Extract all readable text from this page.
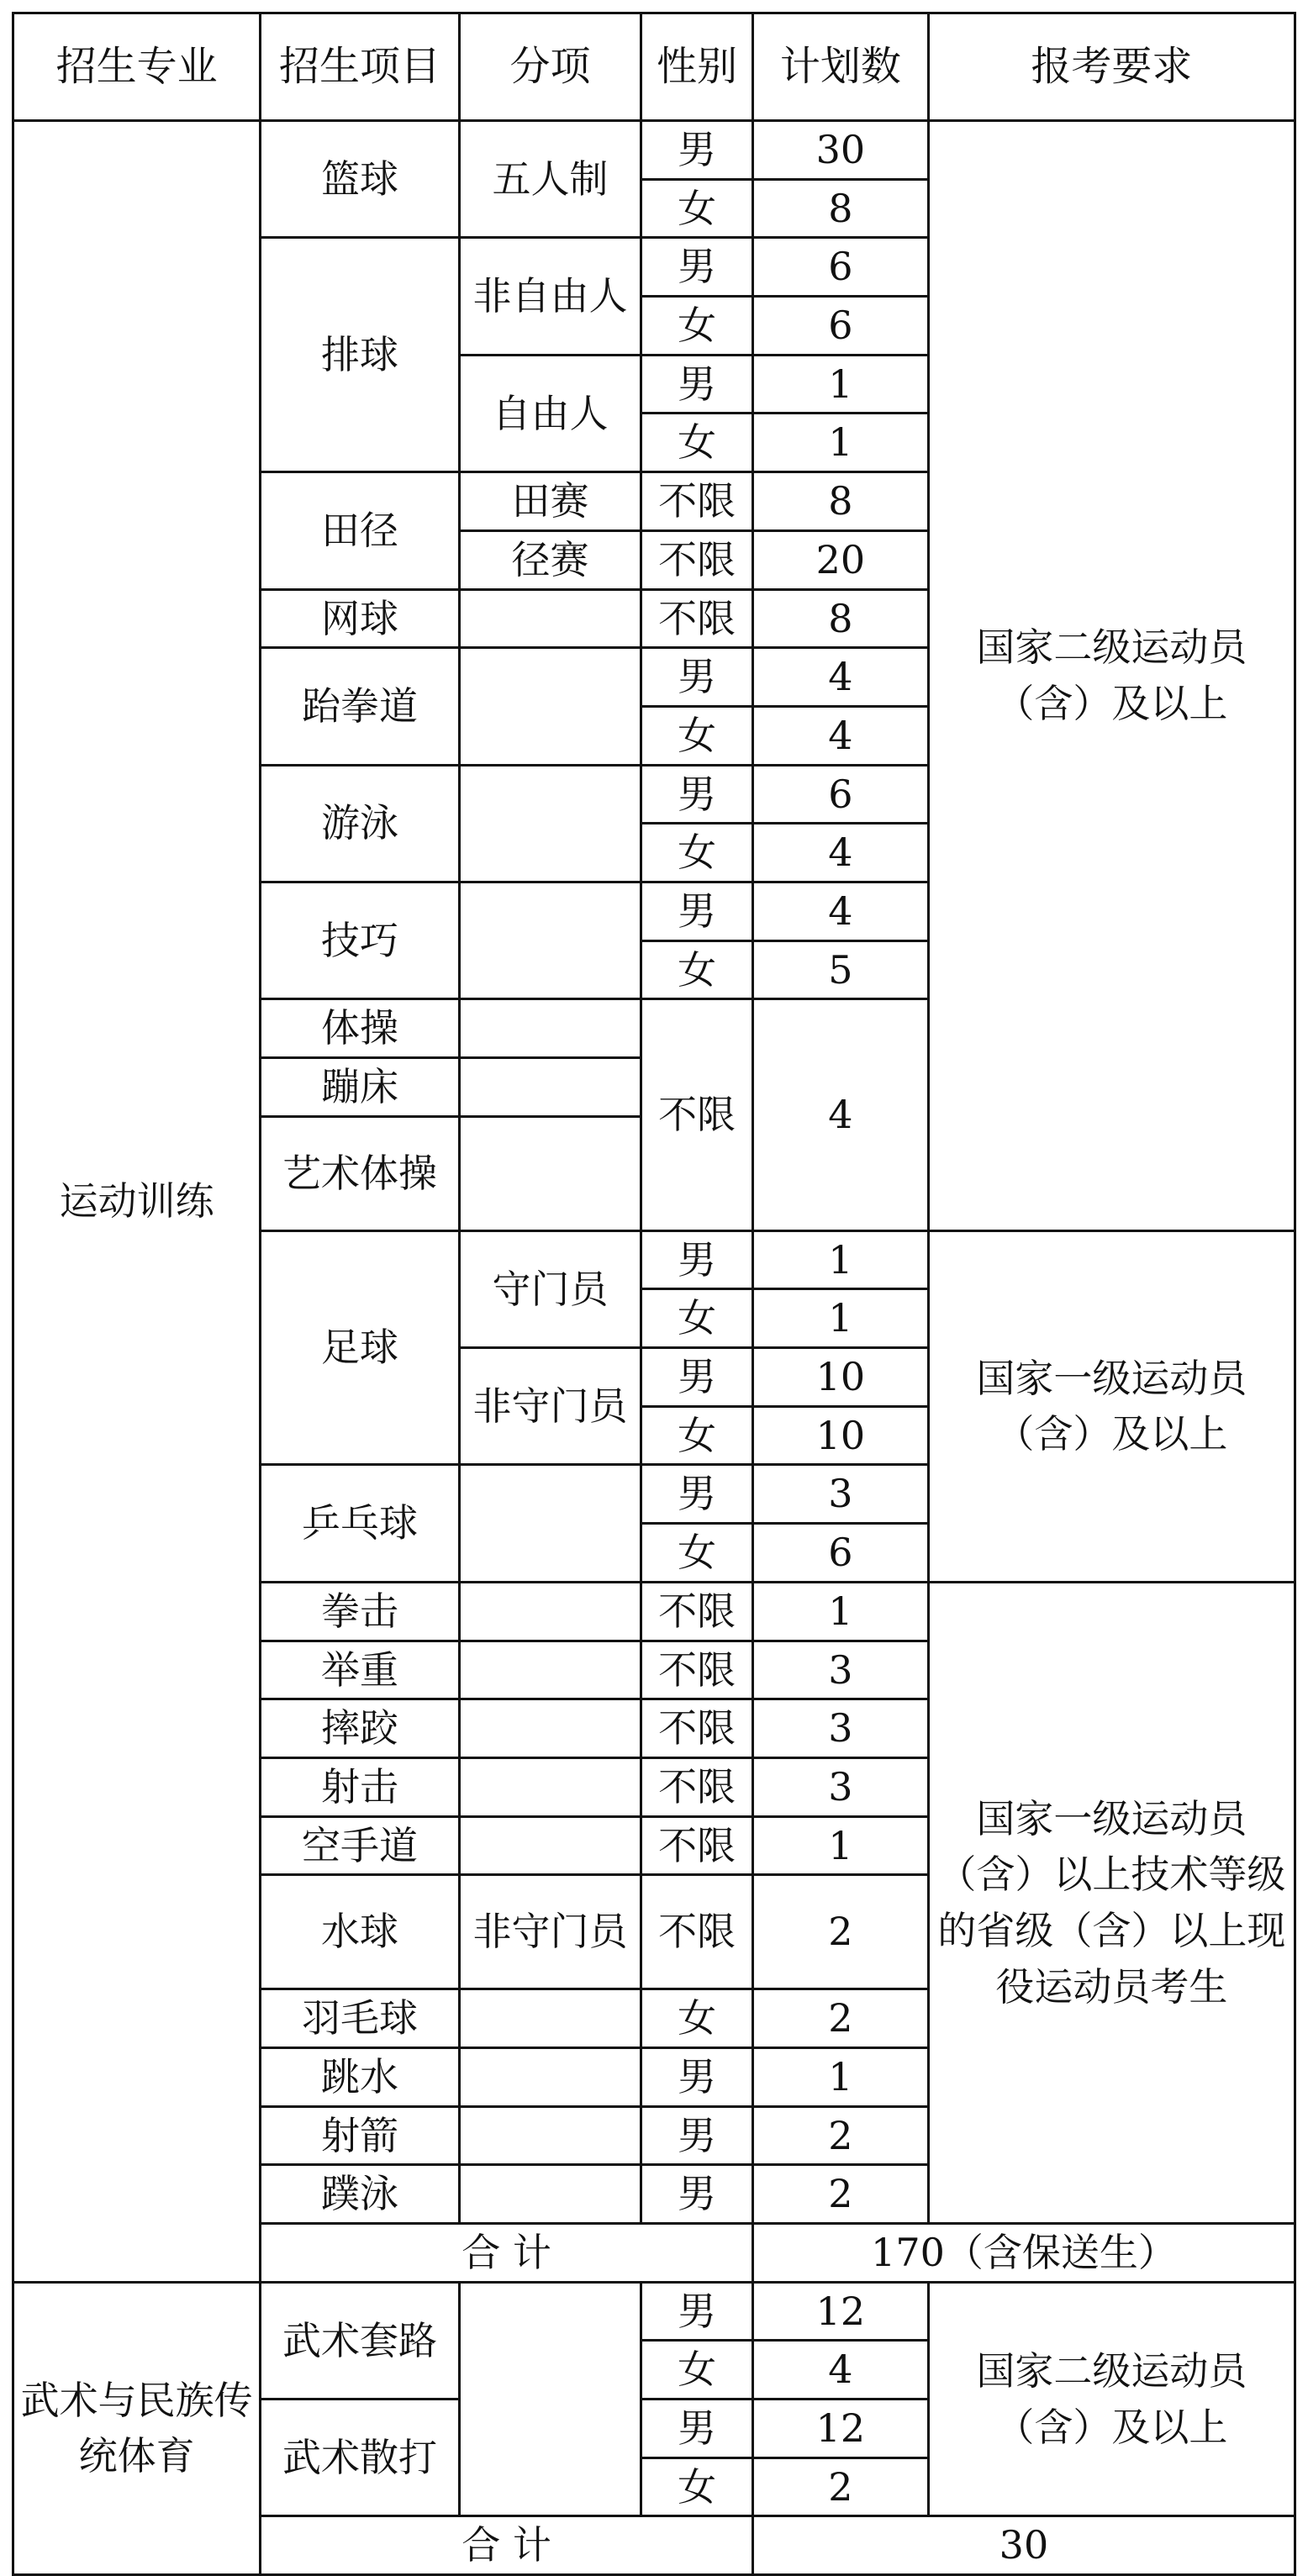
招生专业	招生项目	分项	性别	计划数	报考要求
运动训练	篮球	五人制	男	30	国家二级运动员（含）及以上
			女	8	
	排球	非自由人	男	6	
			女	6	
		自由人	男	1	
			女	1	
	田径	田赛	不限	8	
		径赛	不限	20	
	网球		不限	8	
	跆拳道		男	4	
			女	4	
	游泳		男	6	
			女	4	
	技巧		男	4	
			女	5	
	体操		不限	4	
	蹦床				
	艺术体操				

	足球	守门员	男	1	国家一级运动员（含）及以上
			女	1	
		非守门员	男	10	
			女	10	
	乒乓球		男	3	
			女	6	
	拳击		不限	1	国家一级运动员（含）以上技术等级的省级（含）以上现役运动员考生
	举重		不限	3	
	摔跤		不限	3	
	射击		不限	3	
	空手道		不限	1	
	水球	非守门员	不限	2	

	羽毛球		女	2	
	跳水		男	1	
	射箭		男	2	
	蹼泳		男	2	
	合 计			170（含保送生）	
武术与民族传统体育	武术套路		男	12	国家二级运动员（含）及以上
			女	4	
	武术散打		男	12	
			女	2	
	合 计			30	
